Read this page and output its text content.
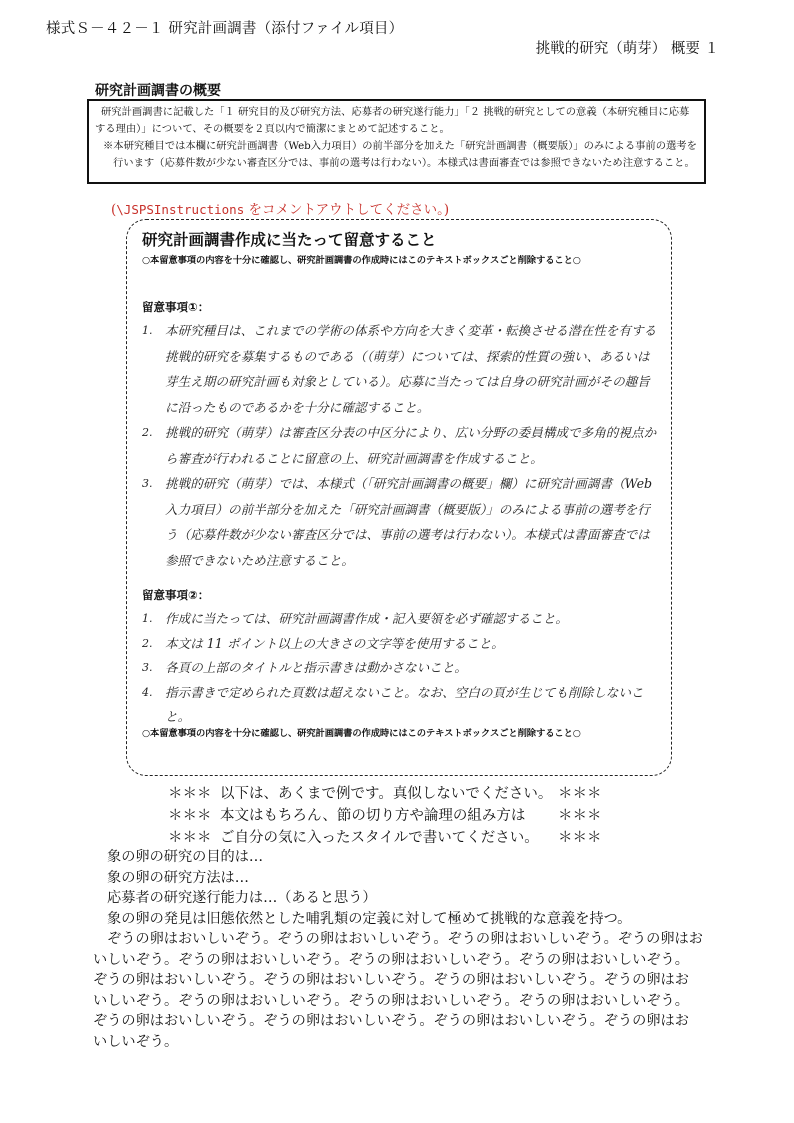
様式Ｓ－４２－１ 研究計画調書（添付ファイル項目）
挑戦的研究（萌芽） 概要 １
研究計画調書の概要

研究計画調書に記載した「１ 研究目的及び研究方法、応募者の研究遂行能力」「２ 挑戦的研究としての意義（本研究種目に応募する理由）」について、その概要を２頁以内で簡潔にまとめて記述すること。

※本研究種目では本欄に研究計画調書（Web入力項目）の前半部分を加えた「研究計画調書（概要版）」のみによる事前の選考を行います（応募件数が少ない審査区分では、事前の選考は行わない）。本様式は書面審査では参照できないため注意すること。

(\JSPSInstructions をコメントアウトしてください。)
研究計画調書作成に当たって留意すること
○本留意事項の内容を十分に確認し、研究計画調書の作成時にはこのテキストボックスごと削除すること○
留意事項①：
1. 本研究種目は、これまでの学術の体系や方向を大きく変革・転換させる潜在性を有する挑戦的研究を募集するものである（（萌芽）については、探索的性質の強い、あるいは芽生え期の研究計画も対象としている）。応募に当たっては自身の研究計画がその趣旨に沿ったものであるかを十分に確認すること。
2. 挑戦的研究（萌芽）は審査区分表の中区分により、広い分野の委員構成で多角的視点から審査が行われることに留意の上、研究計画調書を作成すること。
3. 挑戦的研究（萌芽）では、本様式（「研究計画調書の概要」欄）に研究計画調書（Web 入力項目）の前半部分を加えた「研究計画調書（概要版）」のみによる事前の選考を行う（応募件数が少ない審査区分では、事前の選考は行わない）。本様式は書面審査では参照できないため注意すること。
留意事項②：
1. 作成に当たっては、研究計画調書作成・記入要領を必ず確認すること。
2. 本文は 11 ポイント以上の大きさの文字等を使用すること。
3. 各頁の上部のタイトルと指示書きは動かさないこと。
4. 指示書きで定められた頁数は超えないこと。なお、空白の頁が生じても削除しないこと。
○本留意事項の内容を十分に確認し、研究計画調書の作成時にはこのテキストボックスごと削除すること○
＊＊＊ 以下は、あくまで例です。真似しないでください。 ＊＊＊
＊＊＊ 本文はもちろん、節の切り方や論理の組み方は ＊＊＊
＊＊＊ ご自分の気に入ったスタイルで書いてください。 ＊＊＊

象の卵の研究の目的は…

象の卵の研究方法は…

応募者の研究遂行能力は…（あると思う）

象の卵の発見は旧態依然とした哺乳類の定義に対して極めて挑戦的な意義を持つ。

ぞうの卵はおいしいぞう。ぞうの卵はおいしいぞう。ぞうの卵はおいしいぞう。ぞうの卵はおいしいぞう。ぞうの卵はおいしいぞう。ぞうの卵はおいしいぞう。ぞうの卵はおいしいぞう。ぞうの卵はおいしいぞう。ぞうの卵はおいしいぞう。ぞうの卵はおいしいぞう。ぞうの卵はおいしいぞう。ぞうの卵はおいしいぞう。ぞうの卵はおいしいぞう。ぞうの卵はおいしいぞう。ぞうの卵はおいしいぞう。ぞうの卵はおいしいぞう。ぞうの卵はおいしいぞう。ぞうの卵はおいしいぞう。
